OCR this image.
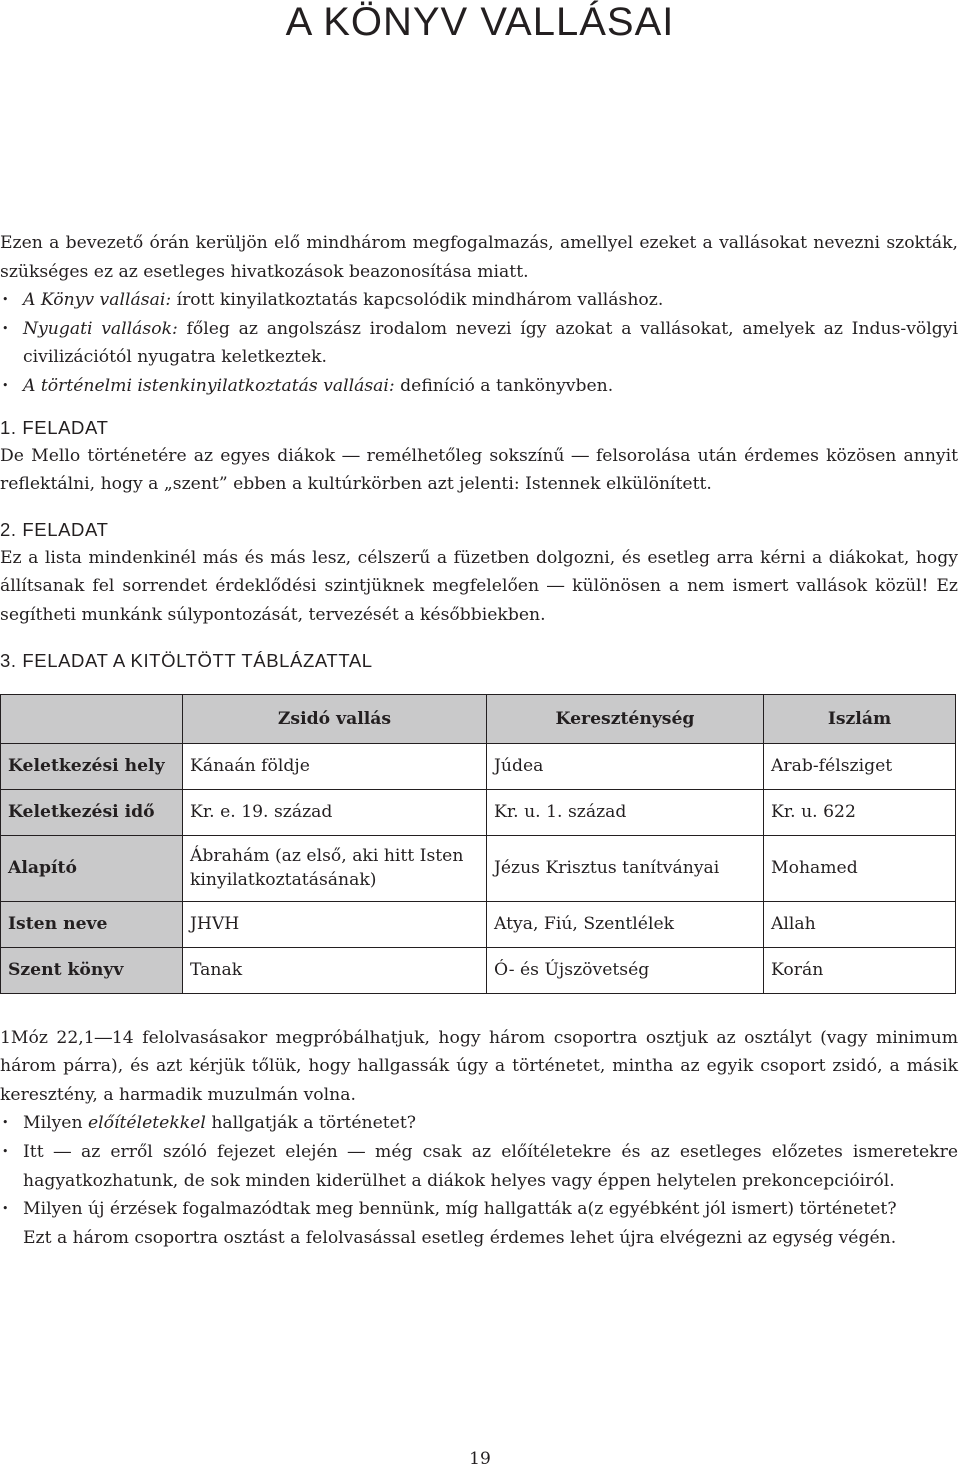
A KÖNYV VALLÁSAI

Ezen a bevezető órán kerüljön elő mindhárom megfogalmazás, amellyel ezeket a vallásokat nevezni szokták, szükséges ez az esetleges hivatkozások beazonosítása miatt.

• A Könyv vallásai: írott kinyilatkoztatás kapcsolódik mindhárom valláshoz.
• Nyugati vallások: főleg az angolszász irodalom nevezi így azokat a vallásokat, amelyek az Indus-völgyi civilizációtól nyugatra keletkeztek.
• A történelmi istenkinyilatkoztatás vallásai: definíció a tankönyvben.
1. FELADAT

De Mello történetére az egyes diákok ― remélhetőleg sokszínű ― felsorolása után érdemes közösen annyit reflektálni, hogy a „szent” ebben a kultúrkörben azt jelenti: Istennek elkülönített.

2. FELADAT

Ez a lista mindenkinél más és más lesz, célszerű a füzetben dolgozni, és esetleg arra kérni a diákokat, hogy állítsanak fel sorrendet érdeklődési szintjüknek megfelelően ― különösen a nem ismert vallások közül! Ez segítheti munkánk súlypontozását, tervezését a későbbiekben.

3. FELADAT A KITÖLTÖTT TÁBLÁZATTAL
	Zsidó vallás	Kereszténység	Iszlám
Keletkezési hely	Kánaán földje	Júdea	Arab-félsziget
Keletkezési idő	Kr. e. 19. század	Kr. u. 1. század	Kr. u. 622
Alapító	Ábrahám (az első, aki hitt Isten kinyilatkoztatásának)	Jézus Krisztus tanítványai	Mohamed
Isten neve	JHVH	Atya, Fiú, Szentlélek	Allah
Szent könyv	Tanak	Ó- és Újszövetség	Korán

1Móz 22,1―14 felolvasásakor megpróbálhatjuk, hogy három csoportra osztjuk az osztályt (vagy minimum három párra), és azt kérjük tőlük, hogy hallgassák úgy a történetet, mintha az egyik csoport zsidó, a másik keresztény, a harmadik muzulmán volna.

• Milyen előítéletekkel hallgatják a történetet?
• Itt ― az erről szóló fejezet elején ― még csak az előítéletekre és az esetleges előzetes ismeretekre hagyatkozhatunk, de sok minden kiderülhet a diákok helyes vagy éppen helytelen prekoncepcióiról.
• Milyen új érzések fogalmazódtak meg bennünk, míg hallgatták a(z egyébként jól ismert) történetet?

Ezt a három csoportra osztást a felolvasással esetleg érdemes lehet újra elvégezni az egység végén.

19
